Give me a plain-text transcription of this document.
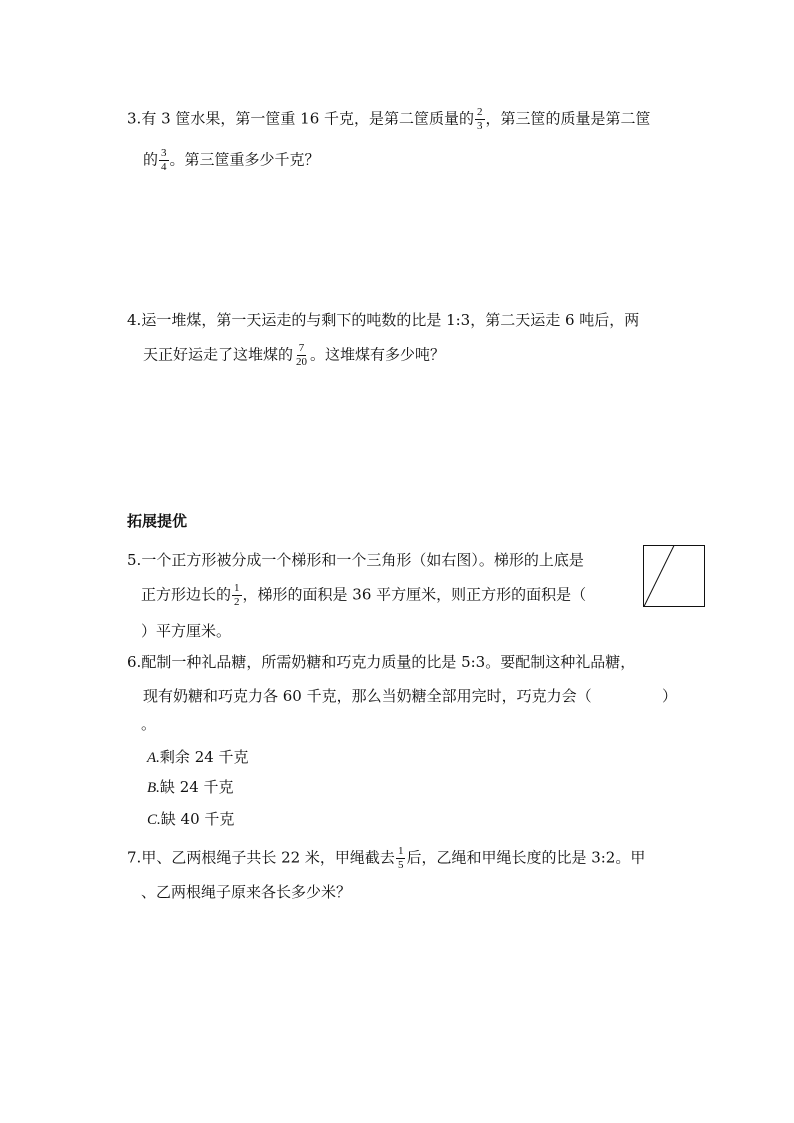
3.有 3 筐水果，第一筐重 16 千克，是第二筐质量的 $\frac{2}{3}$ ，第三筐的质量是第二筐
的 $\frac{3}{4}$ 。第三筐重多少千克？
4.运一堆煤，第一天运走的与剩下的吨数的比是 1:3，第二天运走 6 吨后，两
天正好运走了这堆煤的 $\frac{7}{20}$ 。这堆煤有多少吨？
拓展提优
5.一个正方形被分成一个梯形和一个三角形（如右图）。梯形的上底是
正方形边长的 $\frac{1}{2}$ ，梯形的面积是 36 平方厘米，则正方形的面积是（
）平方厘米。
6.配制一种礼品糖，所需奶糖和巧克力质量的比是 5:3。要配制这种礼品糖，
现有奶糖和巧克力各 60 千克，那么当奶糖全部用完时，巧克力会（	）
。
A.剩余 24 千克
B.缺 24 千克
C.缺 40 千克
7.甲、乙两根绳子共长 22 米，甲绳截去 $\frac{1}{5}$ 后，乙绳和甲绳长度的比是 3:2。甲
、乙两根绳子原来各长多少米？
